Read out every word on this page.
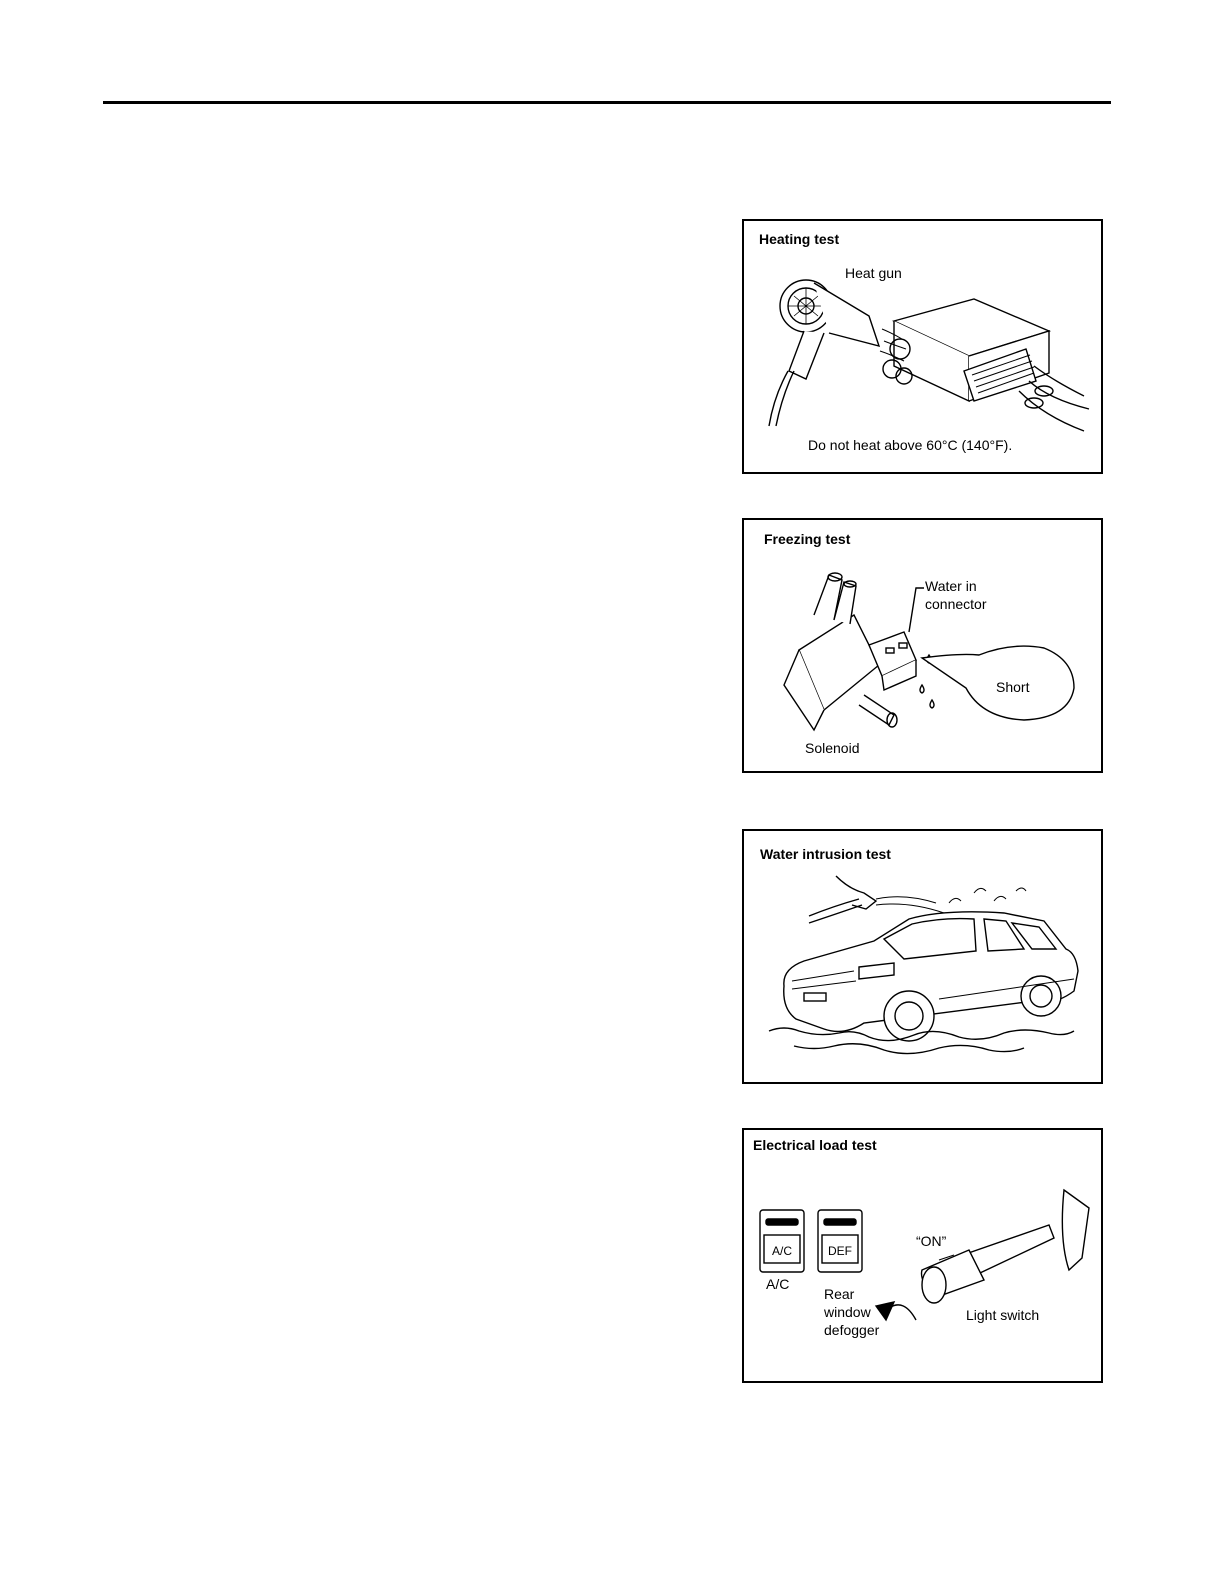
Heating test
Heat gun
Do not heat above 60°C (140°F).
Freezing test
Water in
connector
Short
Solenoid
Water intrusion test
Electrical load test
A/C	DEF
A/C
“ON”
Rear
window
defogger
Light switch
